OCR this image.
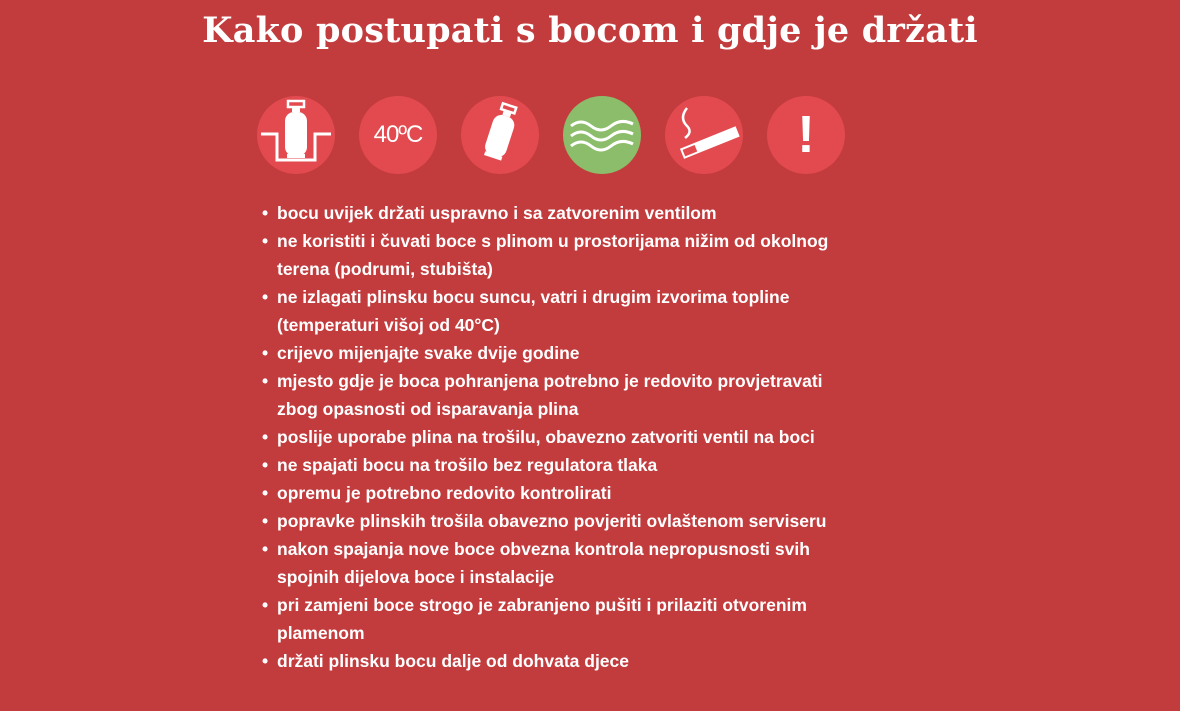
Kako postupati s bocom i gdje je držati
40ºC	!
• bocu uvijek držati uspravno i sa zatvorenim ventilom
• ne koristiti i čuvati boce s plinom u prostorijama nižim od okolnog
terena (podrumi, stubišta)
• ne izlagati plinsku bocu suncu, vatri i drugim izvorima topline
(temperaturi višoj od 40°C)
• crijevo mijenjajte svake dvije godine
• mjesto gdje je boca pohranjena potrebno je redovito provjetravati
zbog opasnosti od isparavanja plina
• poslije uporabe plina na trošilu, obavezno zatvoriti ventil na boci
• ne spajati bocu na trošilo bez regulatora tlaka
• opremu je potrebno redovito kontrolirati
• popravke plinskih trošila obavezno povjeriti ovlaštenom serviseru
• nakon spajanja nove boce obvezna kontrola nepropusnosti svih
spojnih dijelova boce i instalacije
• pri zamjeni boce strogo je zabranjeno pušiti i prilaziti otvorenim
plamenom
• držati plinsku bocu dalje od dohvata djece
